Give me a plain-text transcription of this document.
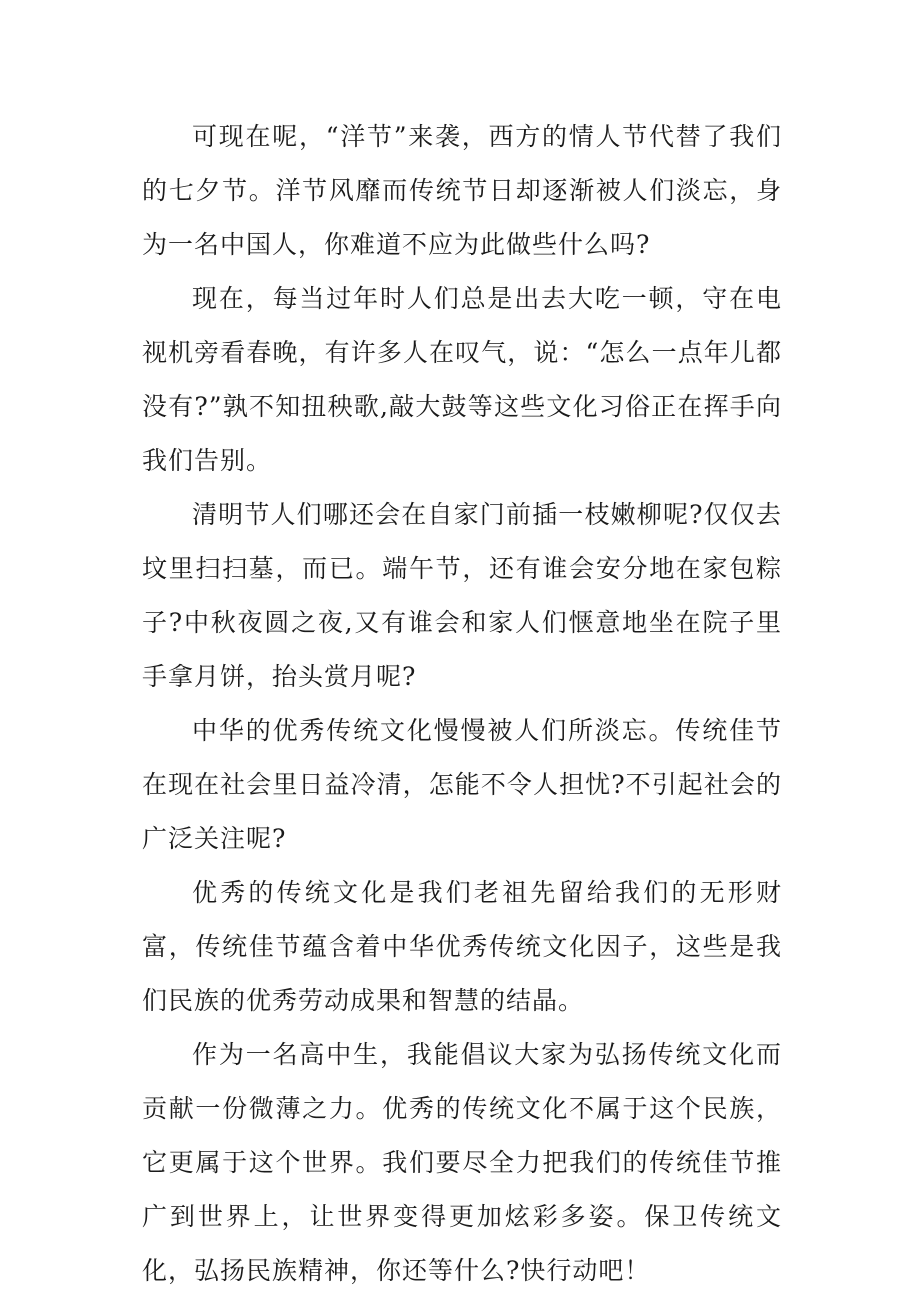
可现在呢，“洋节”来袭，西方的情人节代替了我们的七夕节。洋节风靡而传统节日却逐渐被人们淡忘，身为一名中国人，你难道不应为此做些什么吗?

现在，每当过年时人们总是出去大吃一顿，守在电视机旁看春晚，有许多人在叹气，说：“怎么一点年儿都没有?”孰不知扭秧歌,敲大鼓等这些文化习俗正在挥手向我们告别。

清明节人们哪还会在自家门前插一枝嫩柳呢?仅仅去坟里扫扫墓，而已。端午节，还有谁会安分地在家包粽子?中秋夜圆之夜,又有谁会和家人们惬意地坐在院子里手拿月饼，抬头赏月呢?

中华的优秀传统文化慢慢被人们所淡忘。传统佳节在现在社会里日益冷清，怎能不令人担忧?不引起社会的广泛关注呢?

优秀的传统文化是我们老祖先留给我们的无形财富，传统佳节蕴含着中华优秀传统文化因子，这些是我们民族的优秀劳动成果和智慧的结晶。

作为一名高中生，我能倡议大家为弘扬传统文化而贡献一份微薄之力。优秀的传统文化不属于这个民族，它更属于这个世界。我们要尽全力把我们的传统佳节推广到世界上，让世界变得更加炫彩多姿。保卫传统文化，弘扬民族精神，你还等什么?快行动吧！
